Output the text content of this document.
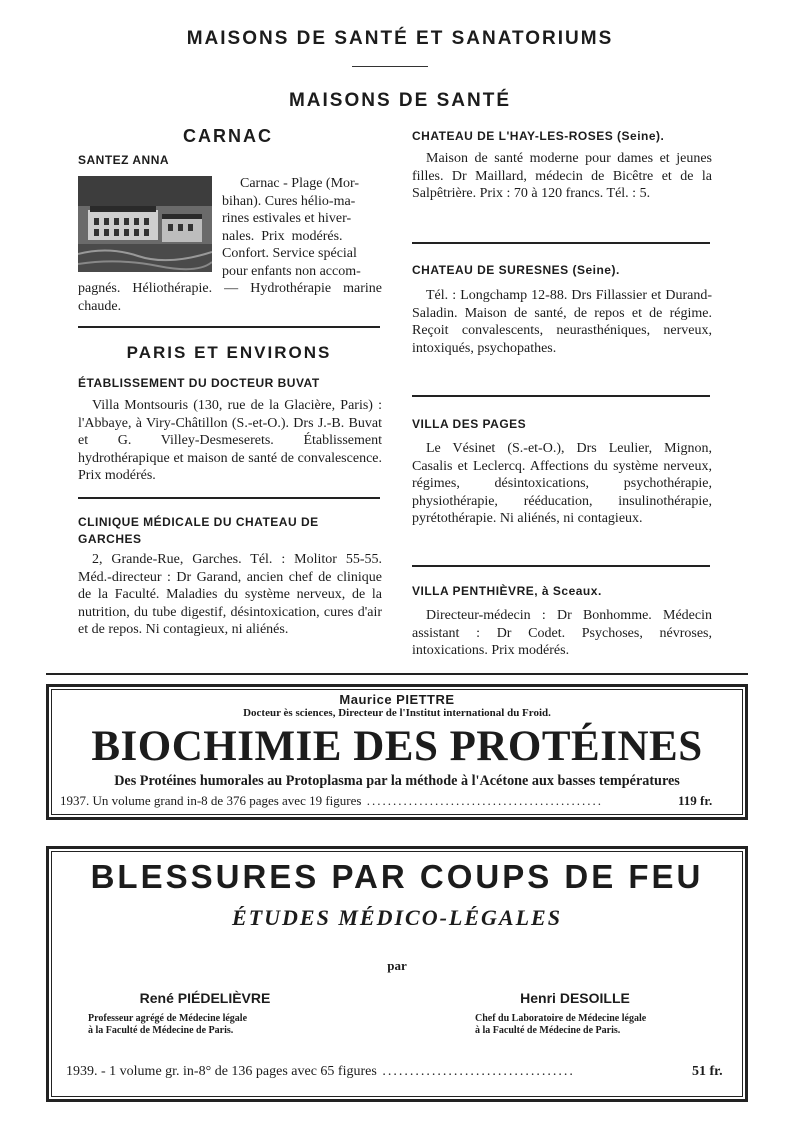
MAISONS DE SANTÉ ET SANATORIUMS
MAISONS DE SANTÉ
CARNAC
SANTEZ ANNA
Carnac - Plage (Mor-
bihan). Cures hélio-ma-
rines estivales et hiver-
nales.  Prix  modérés.
Confort. Service spécial
pour enfants non accom-
pagnés. Héliothérapie. — Hydrothérapie marine chaude.
PARIS ET ENVIRONS
ÉTABLISSEMENT DU DOCTEUR BUVAT
Villa Montsouris (130, rue de la Glacière, Paris) : l'Abbaye, à Viry-Châtillon (S.-et-O.). Drs J.-B. Buvat et G. Villey-Desmeserets. Établissement hydrothérapique et maison de santé de convalescence. Prix modérés.
CLINIQUE MÉDICALE DU CHATEAU DE GARCHES
2, Grande-Rue, Garches. Tél. : Molitor 55-55. Méd.-directeur : Dr Garand, ancien chef de clinique de la Faculté. Maladies du système nerveux, de la nutrition, du tube digestif, désintoxication, cures d'air et de repos. Ni contagieux, ni aliénés.
CHATEAU DE L'HAY-LES-ROSES (Seine).
Maison de santé moderne pour dames et jeunes filles. Dr Maillard, médecin de Bicêtre et de la Salpêtrière. Prix : 70 à 120 francs. Tél. : 5.
CHATEAU DE SURESNES (Seine).
Tél. : Longchamp 12-88. Drs Fillassier et Durand-Saladin. Maison de santé, de repos et de régime. Reçoit convalescents, neurasthéniques, nerveux, intoxiqués, psychopathes.
VILLA DES PAGES
Le Vésinet (S.-et-O.), Drs Leulier, Mignon, Casalis et Leclercq. Affections du système nerveux, régimes, désintoxications, psychothérapie, physiothérapie, rééducation, insulinothérapie, pyrétothérapie. Ni aliénés, ni contagieux.
VILLA PENTHIÈVRE, à Sceaux.
Directeur-médecin : Dr Bonhomme. Médecin assistant : Dr Codet. Psychoses, névroses, intoxications. Prix modérés.
Maurice PIETTRE
Docteur ès sciences, Directeur de l'Institut international du Froid.
BIOCHIMIE DES PROTÉINES
Des Protéines humorales au Protoplasma par la méthode à l'Acétone aux basses températures
1937. Un volume grand in-8 de 376 pages avec 19 figures .............................................	119 fr.
BLESSURES PAR COUPS DE FEU
ÉTUDES MÉDICO-LÉGALES
par
René PIÉDELIÈVRE
Professeur agrégé de Médecine légale
à la Faculté de Médecine de Paris.
Henri DESOILLE
Chef du Laboratoire de Médecine légale
à la Faculté de Médecine de Paris.
1939. - 1 volume gr. in-8° de 136 pages avec 65 figures ...................................	51 fr.
